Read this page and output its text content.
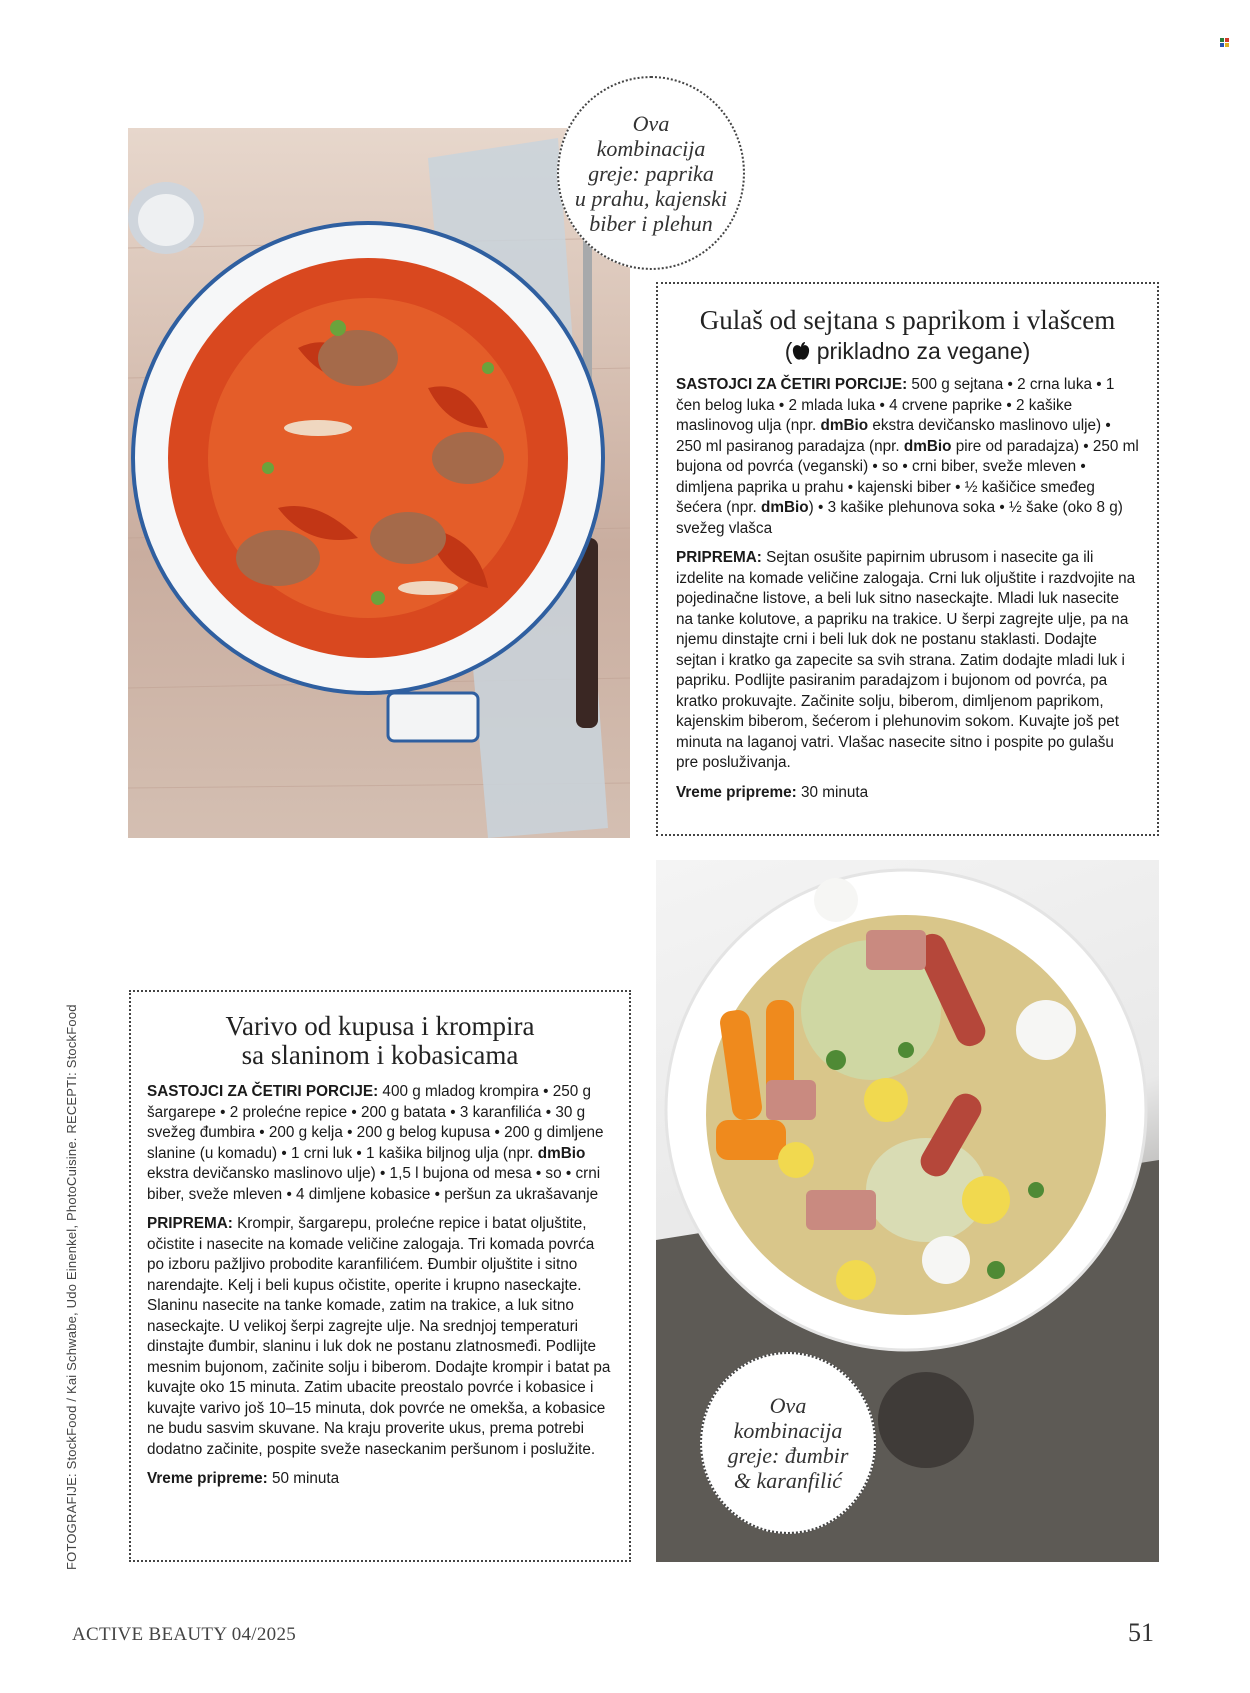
FOTOGRAFIJE: StockFood / Kai Schwabe, Udo Einenkel, PhotoCuisine. RECEPTI: StockFood
Ova
kombinacija
greje: paprika
u prahu, kajenski
biber i plehun
Ova
kombinacija
greje: đumbir
& karanfilić
Gulaš od sejtana s paprikom i vlašcem
( prikladno za vegane)

SASTOJCI ZA ČETIRI PORCIJE: 500 g sejtana • 2 crna luka • 1 čen belog luka • 2 mlada luka • 4 crvene paprike • 2 kašike maslinovog ulja (npr. dmBio ekstra devičansko maslinovo ulje) • 250 ml pasiranog paradajza (npr. dmBio pire od paradajza) • 250 ml bujona od povrća (veganski) • so • crni biber, sveže mleven • dimljena paprika u prahu • kajenski biber • ½ kašičice smeđeg šećera (npr. dmBio) • 3 kašike plehunova soka • ½ šake (oko 8 g) svežeg vlašca

PRIPREMA: Sejtan osušite papirnim ubrusom i nasecite ga ili izdelite na komade veličine zalogaja. Crni luk oljuštite i razdvojite na pojedinačne listove, a beli luk sitno naseckajte. Mladi luk nasecite na tanke kolutove, a papriku na trakice. U šerpi zagrejte ulje, pa na njemu dinstajte crni i beli luk dok ne postanu staklasti. Dodajte sejtan i kratko ga zapecite sa svih strana. Zatim dodajte mladi luk i papriku. Podlijte pasiranim paradajzom i bujonom od povrća, pa kratko prokuvajte. Začinite solju, biberom, dimljenom paprikom, kajenskim biberom, šećerom i plehunovim sokom. Kuvajte još pet minuta na laganoj vatri. Vlašac nasecite sitno i pospite po gulašu pre posluživanja.

Vreme pripreme: 30 minuta

Varivo od kupusa i krompira
sa slaninom i kobasicama

SASTOJCI ZA ČETIRI PORCIJE: 400 g mladog krompira • 250 g šargarepe • 2 prolećne repice • 200 g batata • 3 karanfilića • 30 g svežeg đumbira • 200 g kelja • 200 g belog kupusa • 200 g dimljene slanine (u komadu) • 1 crni luk • 1 kašika biljnog ulja (npr. dmBio ekstra devičansko maslinovo ulje) • 1,5 l bujona od mesa • so • crni biber, sveže mleven • 4 dimljene kobasice • peršun za ukrašavanje

PRIPREMA: Krompir, šargarepu, prolećne repice i batat oljuštite, očistite i nasecite na komade veličine zalogaja. Tri komada povrća po izboru pažljivo probodite karanfilićem. Đumbir oljuštite i sitno narendajte. Kelj i beli kupus očistite, operite i krupno naseckajte. Slaninu nasecite na tanke komade, zatim na trakice, a luk sitno naseckajte. U velikoj šerpi zagrejte ulje. Na srednjoj temperaturi dinstajte đumbir, slaninu i luk dok ne postanu zlatnosmeđi. Podlijte mesnim bujonom, začinite solju i biberom. Dodajte krompir i batat pa kuvajte oko 15 minuta. Zatim ubacite preostalo povrće i kobasice i kuvajte varivo još 10–15 minuta, dok povrće ne omekša, a kobasice ne budu sasvim skuvane. Na kraju proverite ukus, prema potrebi dodatno začinite, pospite sveže naseckanim peršunom i poslužite.

Vreme pripreme: 50 minuta

ACTIVE BEAUTY 04/2025	51
